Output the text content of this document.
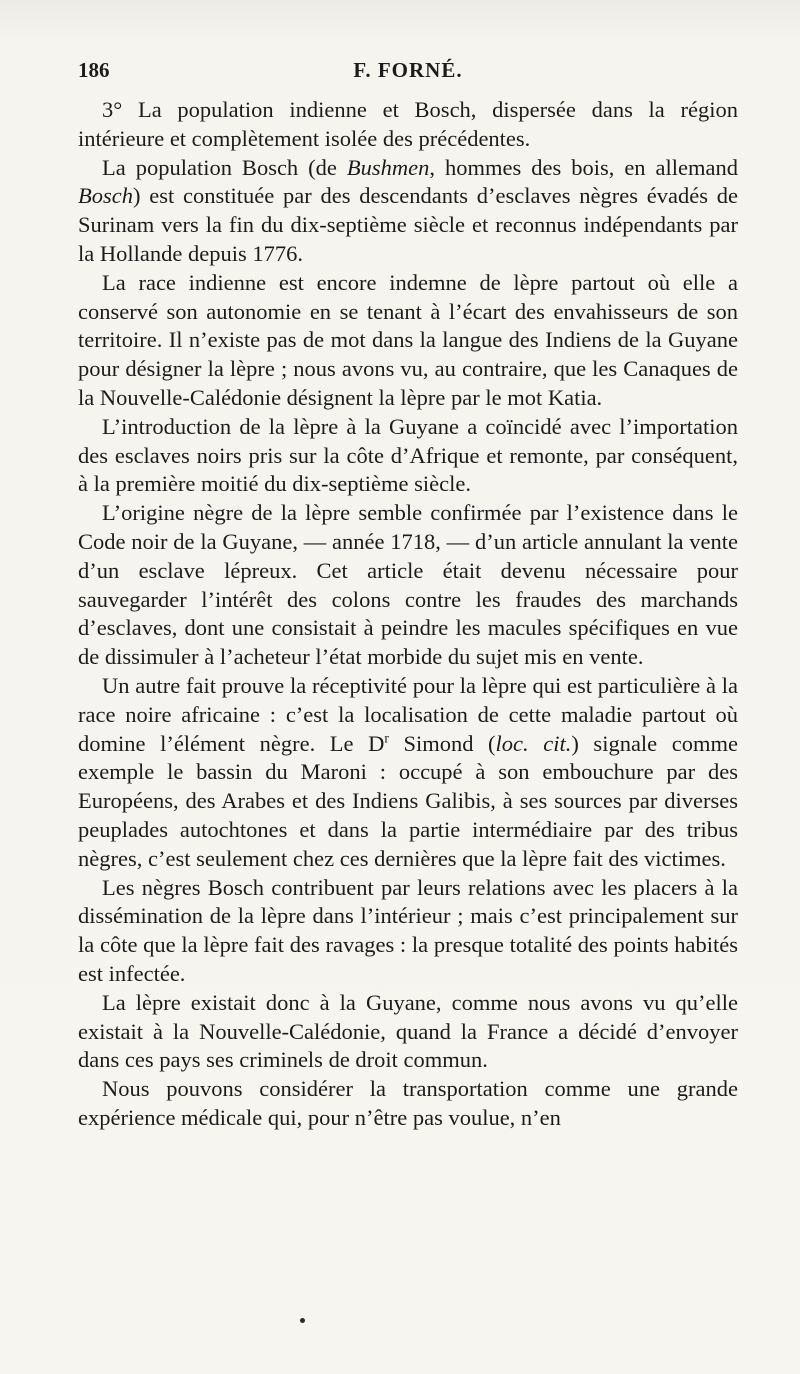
186	F. FORNÉ.

3° La population indienne et Bosch, dispersée dans la région intérieure et complètement isolée des précédentes.

La population Bosch (de Bushmen, hommes des bois, en allemand Bosch) est constituée par des descendants d’esclaves nègres évadés de Surinam vers la fin du dix-septième siècle et reconnus indépendants par la Hollande depuis 1776.

La race indienne est encore indemne de lèpre partout où elle a conservé son autonomie en se tenant à l’écart des envahisseurs de son territoire. Il n’existe pas de mot dans la langue des Indiens de la Guyane pour désigner la lèpre ; nous avons vu, au contraire, que les Canaques de la Nouvelle-Calédonie désignent la lèpre par le mot Katia.

L’introduction de la lèpre à la Guyane a coïncidé avec l’importation des esclaves noirs pris sur la côte d’Afrique et remonte, par conséquent, à la première moitié du dix-septième siècle.

L’origine nègre de la lèpre semble confirmée par l’existence dans le Code noir de la Guyane, — année 1718, — d’un article annulant la vente d’un esclave lépreux. Cet article était devenu nécessaire pour sauvegarder l’intérêt des colons contre les fraudes des marchands d’esclaves, dont une consistait à peindre les macules spécifiques en vue de dissimuler à l’acheteur l’état morbide du sujet mis en vente.

Un autre fait prouve la réceptivité pour la lèpre qui est particulière à la race noire africaine : c’est la localisation de cette maladie partout où domine l’élément nègre. Le $D^r$ Simond (loc. cit.) signale comme exemple le bassin du Maroni : occupé à son embouchure par des Européens, des Arabes et des Indiens Galibis, à ses sources par diverses peuplades autochtones et dans la partie intermédiaire par des tribus nègres, c’est seulement chez ces dernières que la lèpre fait des victimes.

Les nègres Bosch contribuent par leurs relations avec les placers à la dissémination de la lèpre dans l’intérieur ; mais c’est principalement sur la côte que la lèpre fait des ravages : la presque totalité des points habités est infectée.

La lèpre existait donc à la Guyane, comme nous avons vu qu’elle existait à la Nouvelle-Calédonie, quand la France a décidé d’envoyer dans ces pays ses criminels de droit commun.

Nous pouvons considérer la transportation comme une grande expérience médicale qui, pour n’être pas voulue, n’en
